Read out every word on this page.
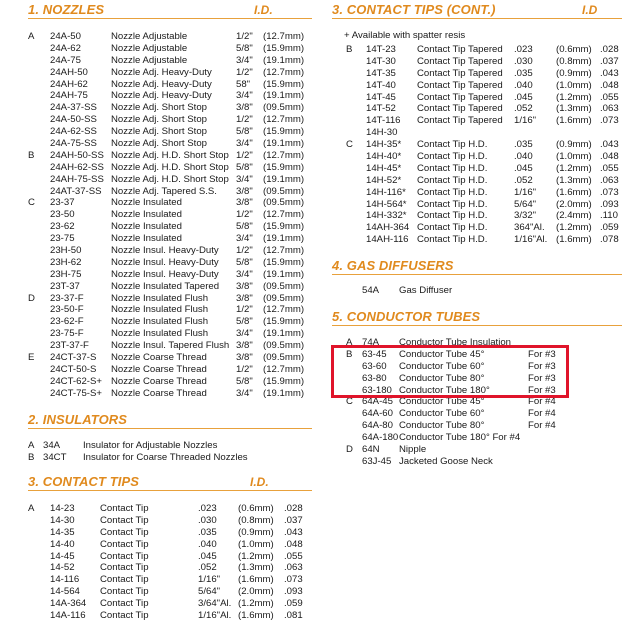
1. NOZZLES	I.D.
A 24A-50	Nozzle Adjustable	1/2" (12.7mm)
24A-62	Nozzle Adjustable	5/8" (15.9mm)
24A-75	Nozzle Adjustable	3/4" (19.1mm)
24AH-50 Nozzle Adj. Heavy-Duty	1/2" (12.7mm)
24AH-62 Nozzle Adj. Heavy-Duty	58" (15.9mm)
24AH-75 Nozzle Adj. Heavy-Duty	3/4" (19.1mm)
24A-37-SS Nozzle Adj. Short Stop	3/8" (09.5mm)
24A-50-SS Nozzle Adj. Short Stop	1/2" (12.7mm)
24A-62-SS Nozzle Adj. Short Stop	5/8" (15.9mm)
24A-75-SS Nozzle Adj. Short Stop	3/4" (19.1mm)
B 24AH-50-SS Nozzle Adj. H.D. Short Stop 1/2" (12.7mm)
24AH-62-SS Nozzle Adj. H.D. Short Stop 5/8" (15.9mm)
24AH-75-SS Nozzle Adj. H.D. Short Stop 3/4" (19.1mm)
24AT-37-SS Nozzle Adj. Tapered S.S. 3/8" (09.5mm)
C 23-37	Nozzle Insulated	3/8" (09.5mm)
23-50	Nozzle Insulated	1/2" (12.7mm)
23-62	Nozzle Insulated	5/8" (15.9mm)
23-75	Nozzle Insulated	3/4" (19.1mm)
23H-50	Nozzle Insul. Heavy-Duty 1/2" (12.7mm)
23H-62	Nozzle Insul. Heavy-Duty 5/8" (15.9mm)
23H-75	Nozzle Insul. Heavy-Duty 3/4" (19.1mm)
23T-37	Nozzle Insulated Tapered 3/8" (09.5mm)
D 23-37-F	Nozzle Insulated Flush	3/8" (09.5mm)
23-50-F	Nozzle Insulated Flush	1/2" (12.7mm)
23-62-F	Nozzle Insulated Flush	5/8" (15.9mm)
23-75-F	Nozzle Insulated Flush	3/4" (19.1mm)
23T-37-F Nozzle Insul. Tapered Flush 3/8" (09.5mm)
E 24CT-37-S Nozzle Coarse Thread	3/8" (09.5mm)
24CT-50-S Nozzle Coarse Thread	1/2" (12.7mm)
24CT-62-S+ Nozzle Coarse Thread	5/8" (15.9mm)
24CT-75-S+ Nozzle Coarse Thread	3/4" (19.1mm)
2. INSULATORS
A 34A Insulator for Adjustable Nozzles
B 34CT Insulator for Coarse Threaded Nozzles
3. CONTACT TIPS	I.D.
A 14-23	Contact Tip	.023 (0.6mm) .028
14-30	Contact Tip	.030 (0.8mm) .037
14-35	Contact Tip	.035 (0.9mm) .043
14-40	Contact Tip	.040 (1.0mm) .048
14-45	Contact Tip	.045 (1.2mm) .055
14-52	Contact Tip	.052 (1.3mm) .063
14-116 Contact Tip	1/16" (1.6mm) .073
14-564 Contact Tip	5/64" (2.0mm) .093
14A-364 Contact Tip	3/64"Al. (1.2mm) .059
14A-116 Contact Tip	1/16"Al. (1.6mm) .081
3. CONTACT TIPS (CONT.)	I.D
+ Available with spatter resis
B 14T-23 Contact Tip Tapered .023 (0.6mm) .028
14T-30 Contact Tip Tapered .030 (0.8mm) .037
14T-35 Contact Tip Tapered .035 (0.9mm) .043
14T-40 Contact Tip Tapered .040 (1.0mm) .048
14T-45 Contact Tip Tapered .045 (1.2mm) .055
14T-52 Contact Tip Tapered .052 (1.3mm) .063
14T-116 Contact Tip Tapered 1/16" (1.6mm) .073
14H-30
C 14H-35* Contact Tip H.D.	.035 (0.9mm) .043
14H-40* Contact Tip H.D.	.040 (1.0mm) .048
14H-45* Contact Tip H.D.	.045 (1.2mm) .055
14H-52* Contact Tip H.D.	.052 (1.3mm) .063
14H-116* Contact Tip H.D.	1/16" (1.6mm) .073
14H-564* Contact Tip H.D.	5/64" (2.0mm) .093
14H-332* Contact Tip H.D.	3/32" (2.4mm) .110
14AH-364 Contact Tip H.D.	364"Al. (1.2mm) .059
14AH-116 Contact Tip H.D.	1/16"Al. (1.6mm) .078
4. GAS DIFFUSERS
54A Gas Diffuser
5. CONDUCTOR TUBES
A 74A Conductor Tube Insulation
B 63-45 Conductor Tube 45°	For #3
63-60 Conductor Tube 60°	For #3
63-80 Conductor Tube 80°	For #3
63-180 Conductor Tube 180°	For #3
C 64A-45 Conductor Tube 45°	For #4
64A-60 Conductor Tube 60°	For #4
64A-80 Conductor Tube 80°	For #4
64A-180 Conductor Tube 180° For #4
D 64N Nipple
63J-45 Jacketed Goose Neck
